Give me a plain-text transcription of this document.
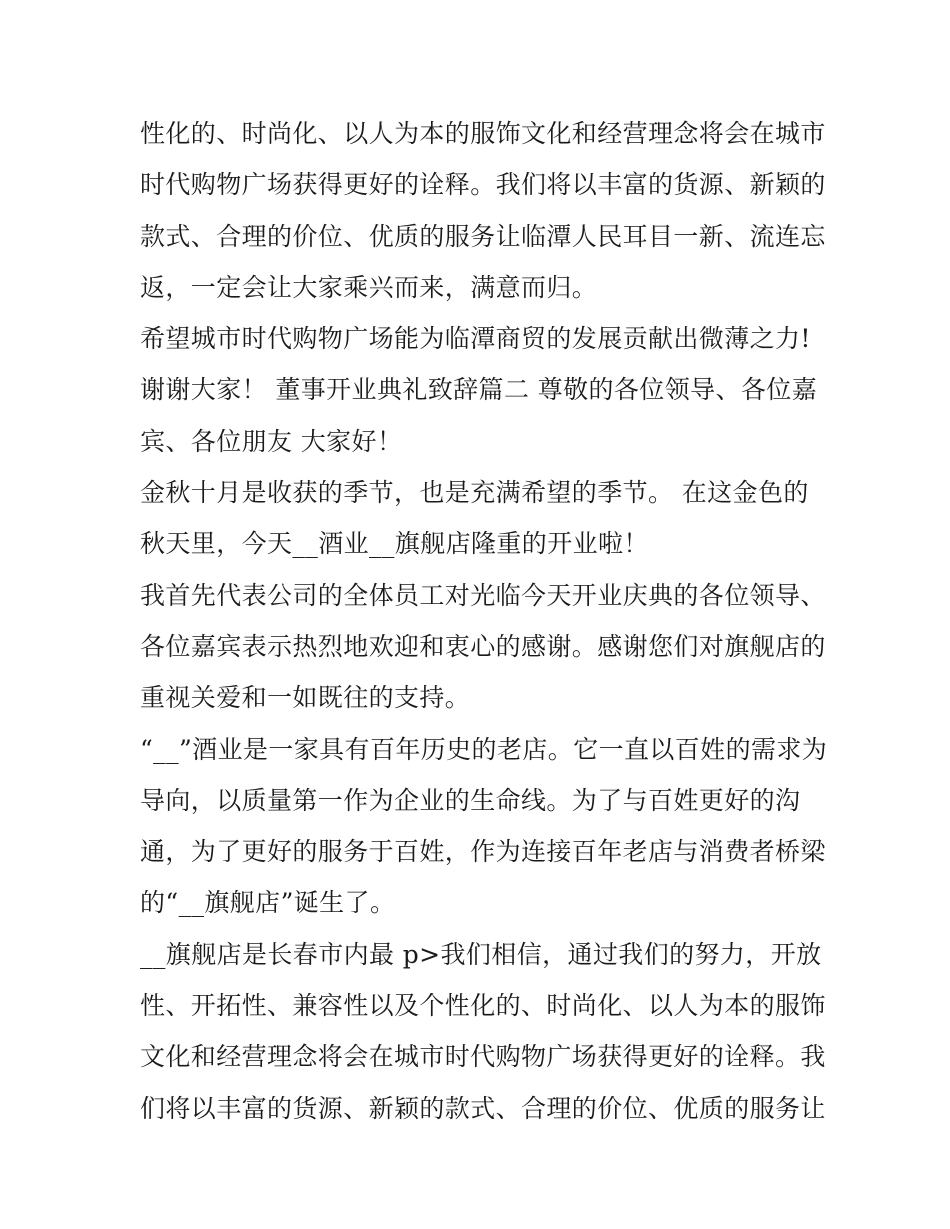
性化的、时尚化、以人为本的服饰文化和经营理念将会在城市
时代购物广场获得更好的诠释。我们将以丰富的货源、新颖的
款式、合理的价位、优质的服务让临潭人民耳目一新、流连忘
返，一定会让大家乘兴而来，满意而归。
希望城市时代购物广场能为临潭商贸的发展贡献出微薄之力!
谢谢大家！ 董事开业典礼致辞篇二 尊敬的各位领导、各位嘉
宾、各位朋友 大家好！
金秋十月是收获的季节，也是充满希望的季节。 在这金色的
秋天里，今天__酒业__旗舰店隆重的开业啦！
我首先代表公司的全体员工对光临今天开业庆典的各位领导、
各位嘉宾表示热烈地欢迎和衷心的感谢。感谢您们对旗舰店的
重视关爱和一如既往的支持。
“__”酒业是一家具有百年历史的老店。它一直以百姓的需求为
导向，以质量第一作为企业的生命线。为了与百姓更好的沟
通，为了更好的服务于百姓，作为连接百年老店与消费者桥梁
的“__旗舰店”诞生了。
__旗舰店是长春市内最 p>我们相信，通过我们的努力，开放
性、开拓性、兼容性以及个性化的、时尚化、以人为本的服饰
文化和经营理念将会在城市时代购物广场获得更好的诠释。我
们将以丰富的货源、新颖的款式、合理的价位、优质的服务让
